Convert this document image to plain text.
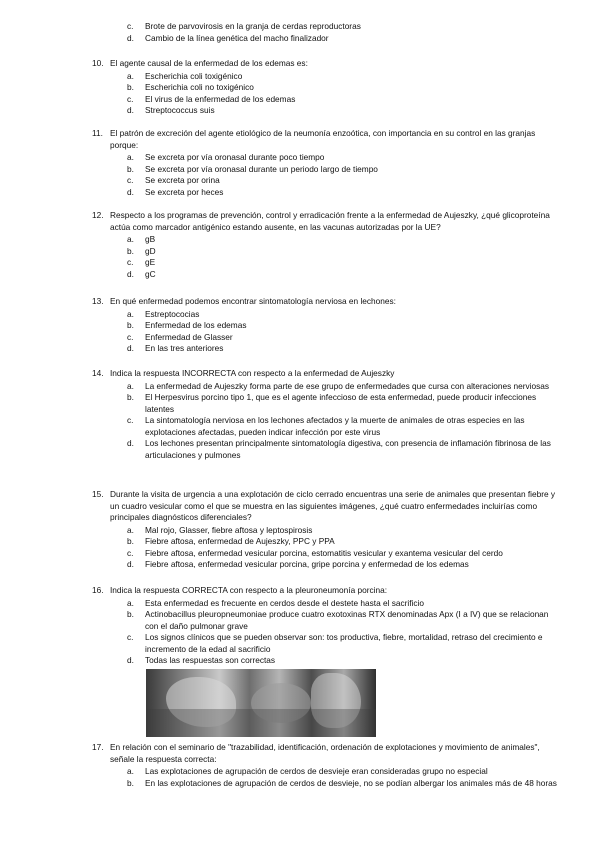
c.	Brote de parvovirosis en la granja de cerdas reproductoras
d.	Cambio de la línea genética del macho finalizador
10. El agente causal de la enfermedad de los edemas es:
a.	Escherichia coli toxigénico
b.	Escherichia coli no toxigénico
c.	El virus de la enfermedad de los edemas
d.	Streptococcus suis
11. El patrón de excreción del agente etiológico de la neumonía enzoótica, con importancia en su control en las granjas porque:
a.	Se excreta por vía oronasal durante poco tiempo
b.	Se excreta por vía oronasal durante un periodo largo de tiempo
c.	Se excreta por orina
d.	Se excreta por heces
12. Respecto a los programas de prevención, control y erradicación frente a la enfermedad de Aujeszky, ¿qué glicoproteína actúa como marcador antigénico estando ausente, en las vacunas autorizadas por la UE?
a.	gB
b.	gD
c.	gE
d.	gC
13. En qué enfermedad podemos encontrar sintomatología nerviosa en lechones:
a.	Estreptococias
b.	Enfermedad de los edemas
c.	Enfermedad de Glasser
d.	En las tres anteriores
14. Indica la respuesta INCORRECTA con respecto a la enfermedad de Aujeszky
a.	La enfermedad de Aujeszky forma parte de ese grupo de enfermedades que cursa con alteraciones nerviosas
b.	El Herpesvirus porcino tipo 1, que es el agente infeccioso de esta enfermedad, puede producir infecciones latentes
c.	La sintomatología nerviosa en los lechones afectados y la muerte de animales de otras especies en las explotaciones afectadas, pueden indicar infección por este virus
d.	Los lechones presentan principalmente sintomatología digestiva, con presencia de inflamación fibrinosa de las articulaciones y pulmones
15. Durante la visita de urgencia a una explotación de ciclo cerrado encuentras una serie de animales que presentan fiebre y un cuadro vesicular como el que se muestra en las siguientes imágenes, ¿qué cuatro enfermedades incluirías como principales diagnósticos diferenciales?
a.	Mal rojo, Glasser, fiebre aftosa y leptospirosis
b.	Fiebre aftosa, enfermedad de Aujeszky, PPC y PPA
c.	Fiebre aftosa, enfermedad vesicular porcina, estomatitis vesicular y exantema vesicular del cerdo
d.	Fiebre aftosa, enfermedad vesicular porcina, gripe porcina y enfermedad de los edemas
16. Indica la respuesta CORRECTA con respecto a la pleuroneumonía porcina:
a.	Esta enfermedad es frecuente en cerdos desde el destete hasta el sacrificio
b.	Actinobacillus pleuropneumoniae produce cuatro exotoxinas RTX denominadas Apx (I a IV) que se relacionan con el daño pulmonar grave
c.	Los signos clínicos que se pueden observar son: tos productiva, fiebre, mortalidad, retraso del crecimiento e incremento de la edad al sacrificio
d.	Todas las respuestas son correctas
17. En relación con el seminario de "trazabilidad, identificación, ordenación de explotaciones y movimiento de animales", señale la respuesta correcta:
a.	Las explotaciones de agrupación de cerdos de desvieje eran consideradas grupo no especial
b.	En las explotaciones de agrupación de cerdos de desvieje, no se podían albergar los animales más de 48 horas
